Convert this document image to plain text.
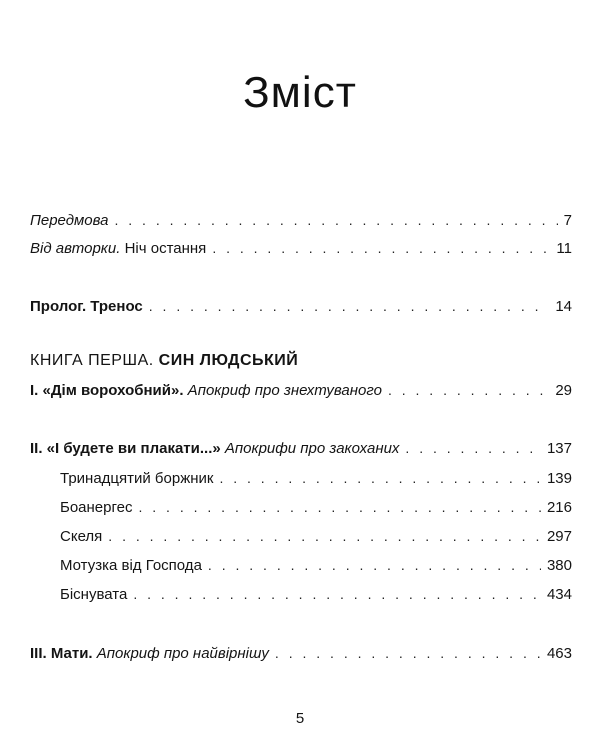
Зміст
Передмова . . .	7
Від авторки. Ніч остання . . .	11
Пролог. Тренос . . .	14
КНИГА ПЕРША. СИН ЛЮДСЬКИЙ
І. «Дім ворохобний». Апокриф про знехтуваного . . .	29
ІІ. «І будете ви плакати...» Апокрифи про закоханих . . .	137
Тринадцятий боржник . . .	139
Боанергес . . .	216
Скеля . . .	297
Мотузка від Господа . . .	380
Біснувата . . .	434
ІІІ. Мати. Апокриф про найвірнішу . . .	463
5
